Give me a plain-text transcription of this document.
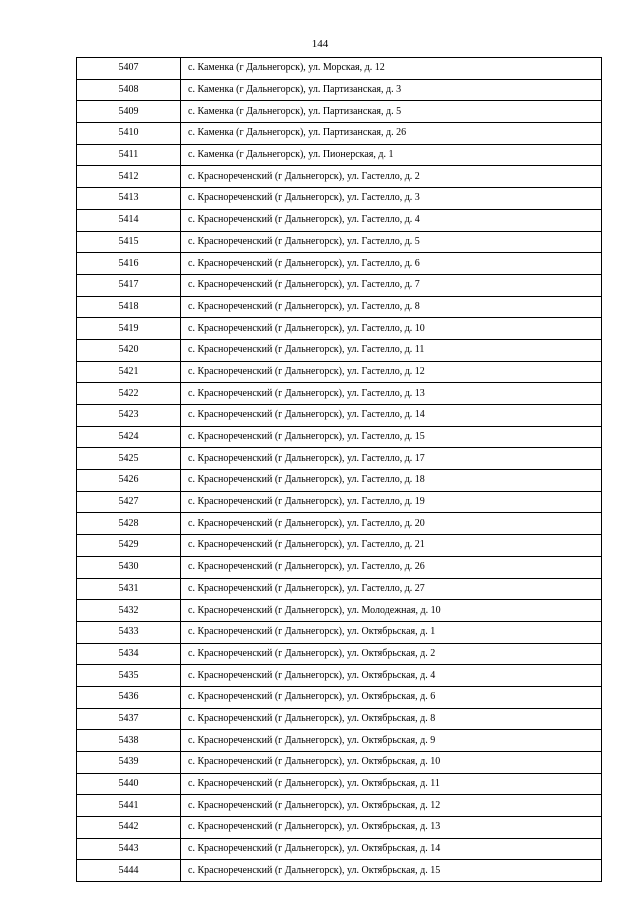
144
5407	с. Каменка (г Дальнегорск), ул. Морская, д. 12
5408	с. Каменка (г Дальнегорск), ул. Партизанская, д. 3
5409	с. Каменка (г Дальнегорск), ул. Партизанская, д. 5
5410	с. Каменка (г Дальнегорск), ул. Партизанская, д. 26
5411	с. Каменка (г Дальнегорск), ул. Пионерская, д. 1
5412	с. Краснореченский (г Дальнегорск), ул. Гастелло, д. 2
5413	с. Краснореченский (г Дальнегорск), ул. Гастелло, д. 3
5414	с. Краснореченский (г Дальнегорск), ул. Гастелло, д. 4
5415	с. Краснореченский (г Дальнегорск), ул. Гастелло, д. 5
5416	с. Краснореченский (г Дальнегорск), ул. Гастелло, д. 6
5417	с. Краснореченский (г Дальнегорск), ул. Гастелло, д. 7
5418	с. Краснореченский (г Дальнегорск), ул. Гастелло, д. 8
5419	с. Краснореченский (г Дальнегорск), ул. Гастелло, д. 10
5420	с. Краснореченский (г Дальнегорск), ул. Гастелло, д. 11
5421	с. Краснореченский (г Дальнегорск), ул. Гастелло, д. 12
5422	с. Краснореченский (г Дальнегорск), ул. Гастелло, д. 13
5423	с. Краснореченский (г Дальнегорск), ул. Гастелло, д. 14
5424	с. Краснореченский (г Дальнегорск), ул. Гастелло, д. 15
5425	с. Краснореченский (г Дальнегорск), ул. Гастелло, д. 17
5426	с. Краснореченский (г Дальнегорск), ул. Гастелло, д. 18
5427	с. Краснореченский (г Дальнегорск), ул. Гастелло, д. 19
5428	с. Краснореченский (г Дальнегорск), ул. Гастелло, д. 20
5429	с. Краснореченский (г Дальнегорск), ул. Гастелло, д. 21
5430	с. Краснореченский (г Дальнегорск), ул. Гастелло, д. 26
5431	с. Краснореченский (г Дальнегорск), ул. Гастелло, д. 27
5432	с. Краснореченский (г Дальнегорск), ул. Молодежная, д. 10
5433	с. Краснореченский (г Дальнегорск), ул. Октябрьская, д. 1
5434	с. Краснореченский (г Дальнегорск), ул. Октябрьская, д. 2
5435	с. Краснореченский (г Дальнегорск), ул. Октябрьская, д. 4
5436	с. Краснореченский (г Дальнегорск), ул. Октябрьская, д. 6
5437	с. Краснореченский (г Дальнегорск), ул. Октябрьская, д. 8
5438	с. Краснореченский (г Дальнегорск), ул. Октябрьская, д. 9
5439	с. Краснореченский (г Дальнегорск), ул. Октябрьская, д. 10
5440	с. Краснореченский (г Дальнегорск), ул. Октябрьская, д. 11
5441	с. Краснореченский (г Дальнегорск), ул. Октябрьская, д. 12
5442	с. Краснореченский (г Дальнегорск), ул. Октябрьская, д. 13
5443	с. Краснореченский (г Дальнегорск), ул. Октябрьская, д. 14
5444	с. Краснореченский (г Дальнегорск), ул. Октябрьская, д. 15
